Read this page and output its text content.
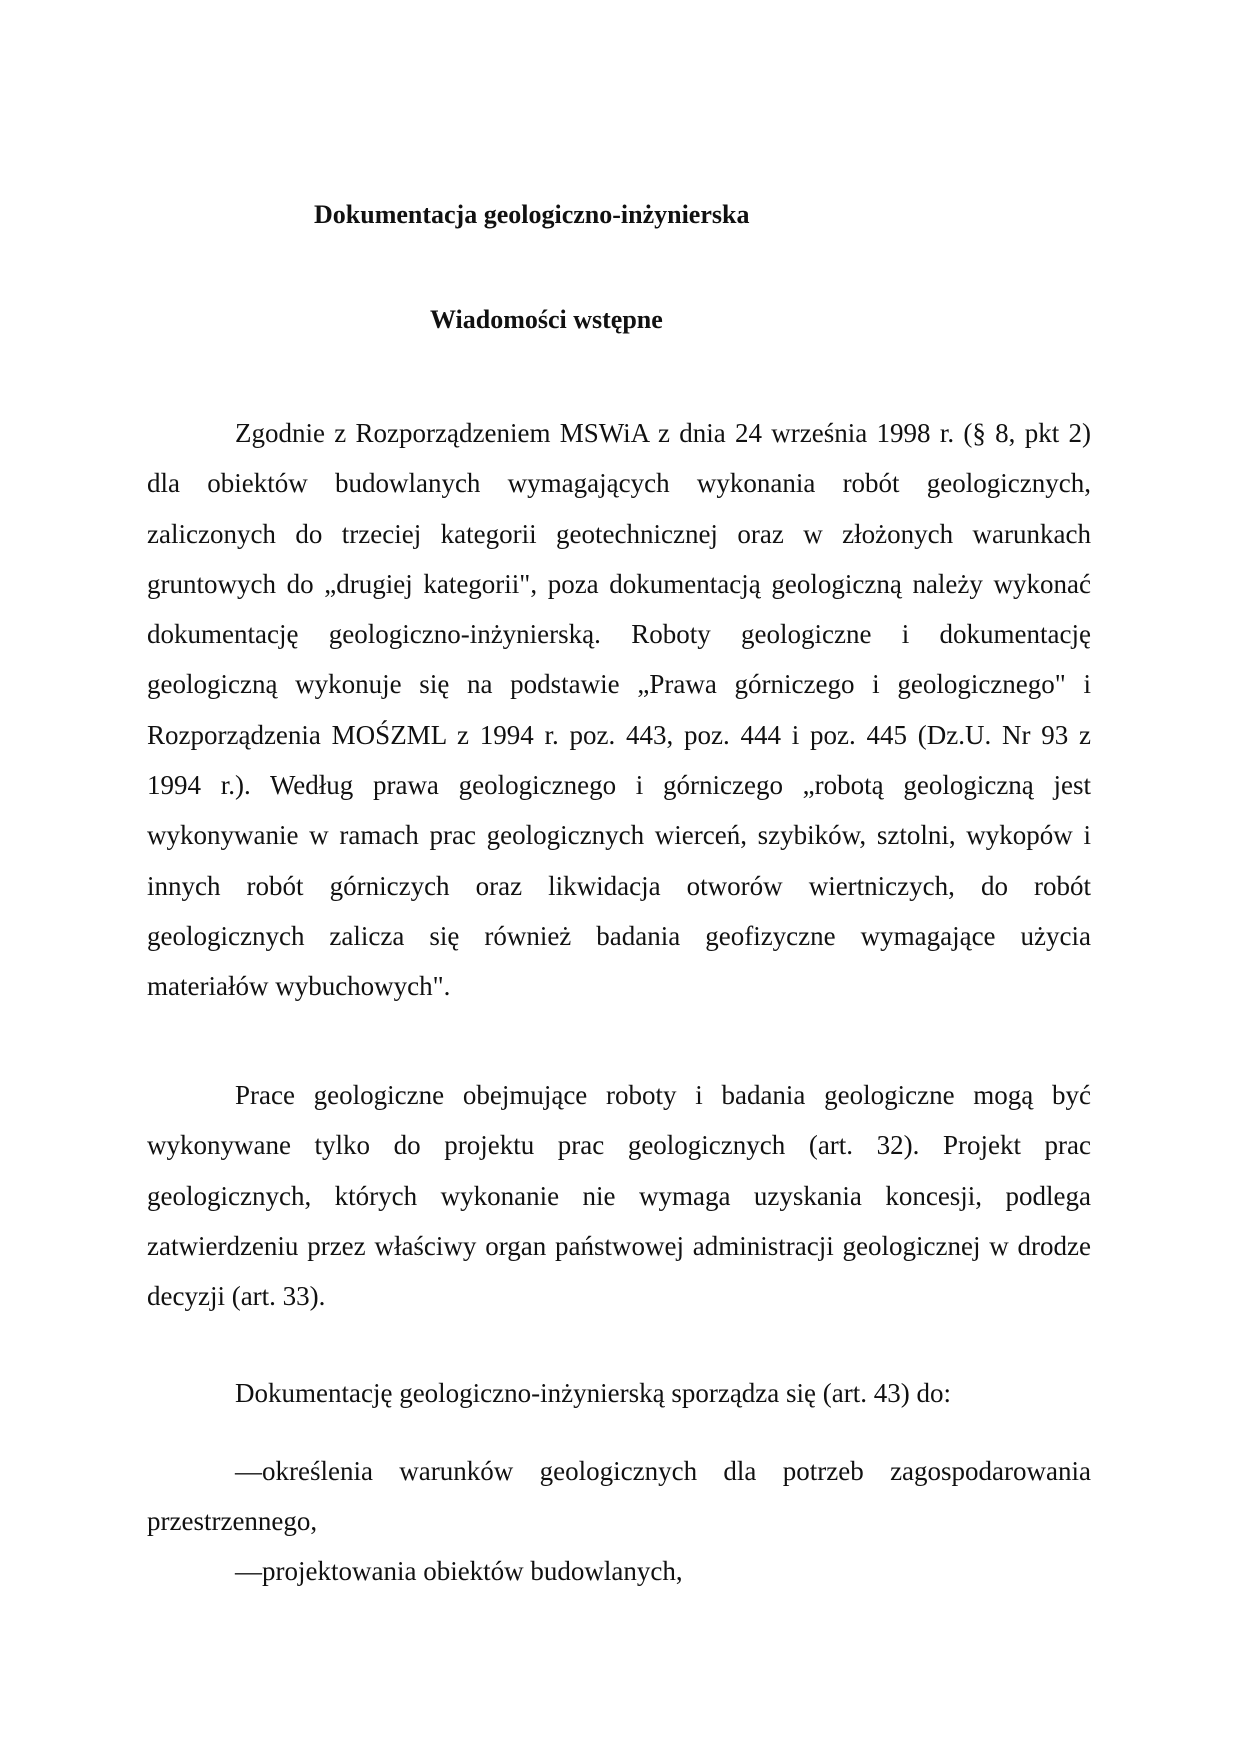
Dokumentacja geologiczno-inżynierska
Wiadomości wstępne

Zgodnie z Rozporządzeniem MSWiA z dnia 24 września 1998 r. (§ 8, pkt 2) dla obiektów budowlanych wymagających wykonania robót geologicznych, zaliczonych do trzeciej kategorii geotechnicznej oraz w złożonych warunkach gruntowych do „drugiej kategorii", poza dokumentacją geologiczną należy wykonać dokumentację geologiczno-inżynierską. Roboty geologiczne i dokumentację geologiczną wykonuje się na podstawie „Prawa górniczego i geologicznego" i Rozporządzenia MOŚZML z 1994 r. poz. 443, poz. 444 i poz. 445 (Dz.U. Nr 93 z 1994 r.). Według prawa geologicznego i górniczego „robotą geologiczną jest wykonywanie w ramach prac geologicznych wierceń, szybików, sztolni, wykopów i innych robót górniczych oraz likwidacja otworów wiertniczych, do robót geologicznych zalicza się również badania geofizyczne wymagające użycia materiałów wybuchowych".

Prace geologiczne obejmujące roboty i badania geologiczne mogą być wykonywane tylko do projektu prac geologicznych (art. 32). Projekt prac geologicznych, których wykonanie nie wymaga uzyskania koncesji, podlega zatwierdzeniu przez właściwy organ państwowej administracji geologicznej w drodze decyzji (art. 33).

Dokumentację geologiczno-inżynierską sporządza się (art. 43) do:

—określenia warunków geologicznych dla potrzeb zagospodarowania przestrzennego,

—projektowania obiektów budowlanych,
